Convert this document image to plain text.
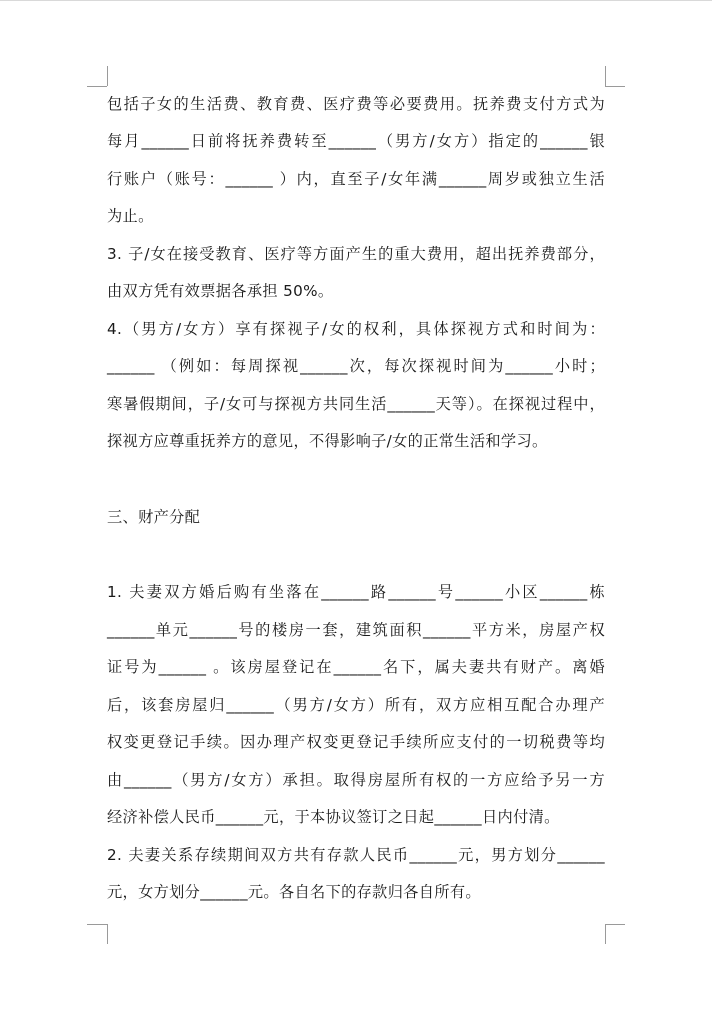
包括子女的生活费、教育费、医疗费等必要费用。抚养费支付方式为
每月______日前将抚养费转至______（男方/女方）指定的______银
行账户（账号：______ ）内，直至子/女年满______周岁或独立生活
为止。
3. 子/女在接受教育、医疗等方面产生的重大费用，超出抚养费部分，
由双方凭有效票据各承担 50%。
4.（男方/女方）享有探视子/女的权利，具体探视方式和时间为：
______ （例如：每周探视______次，每次探视时间为______小时；
寒暑假期间，子/女可与探视方共同生活______天等）。在探视过程中，
探视方应尊重抚养方的意见，不得影响子/女的正常生活和学习。
三、财产分配
1. 夫妻双方婚后购有坐落在______路______号______小区______栋
______单元______号的楼房一套，建筑面积______平方米，房屋产权
证号为______ 。该房屋登记在______名下，属夫妻共有财产。离婚
后，该套房屋归______（男方/女方）所有，双方应相互配合办理产
权变更登记手续。因办理产权变更登记手续所应支付的一切税费等均
由______（男方/女方）承担。取得房屋所有权的一方应给予另一方
经济补偿人民币______元，于本协议签订之日起______日内付清。
2. 夫妻关系存续期间双方共有存款人民币______元，男方划分______
元，女方划分______元。各自名下的存款归各自所有。
